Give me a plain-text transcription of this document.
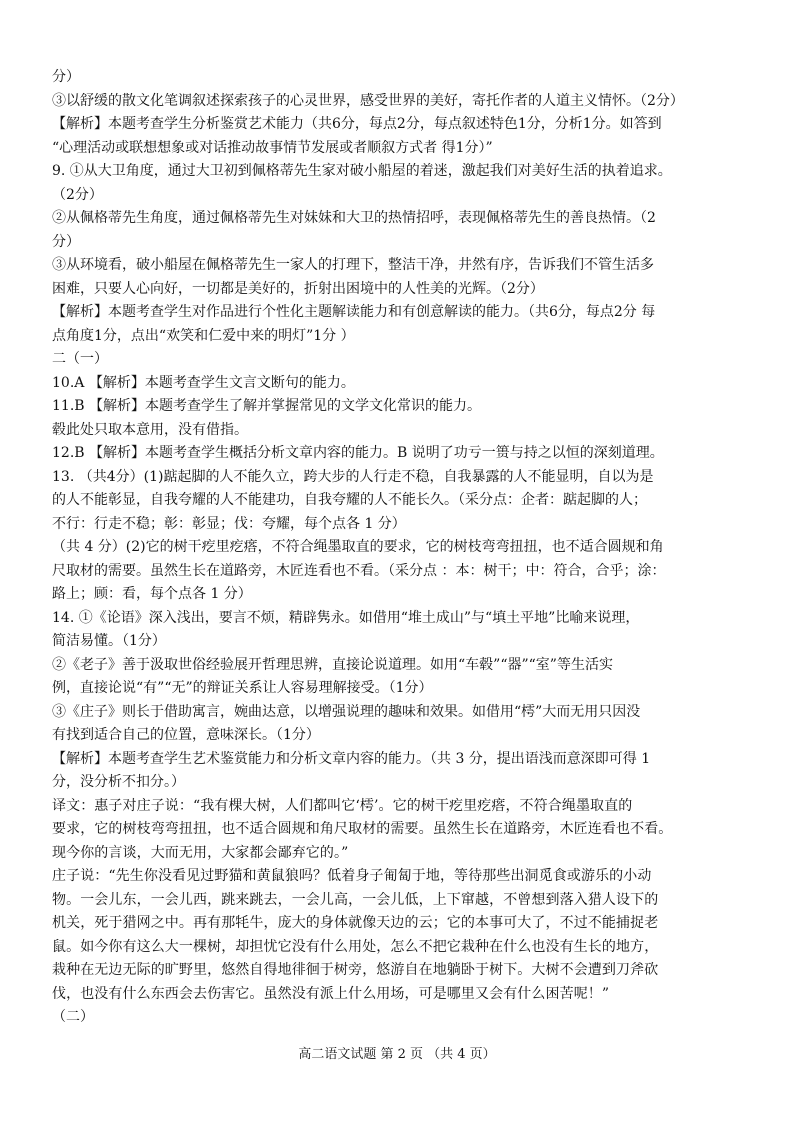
分）

③以舒缓的散文化笔调叙述探索孩子的心灵世界，感受世界的美好，寄托作者的人道主义情怀。（2分）

【解析】本题考查学生分析鉴赏艺术能力（共6分，每点2分，每点叙述特色1分，分析1分。如答到

“心理活动或联想想象或对话推动故事情节发展或者顺叙方式者 得1分）”

9. ①从大卫角度，通过大卫初到佩格蒂先生家对破小船屋的着迷，激起我们对美好生活的执着追求。

（2分）

②从佩格蒂先生角度，通过佩格蒂先生对妹妹和大卫的热情招呼，表现佩格蒂先生的善良热情。（2

分）

③从环境看，破小船屋在佩格蒂先生一家人的打理下，整洁干净，井然有序，告诉我们不管生活多

困难，只要人心向好，一切都是美好的，折射出困境中的人性美的光辉。（2分）

【解析】本题考查学生对作品进行个性化主题解读能力和有创意解读的能力。（共6分，每点2分 每

点角度1分，点出“欢笑和仁爱中来的明灯”1分 ）

二（一）

10.A 【解析】本题考查学生文言文断句的能力。

11.B 【解析】本题考查学生了解并掌握常见的文学文化常识的能力。

毂此处只取本意用，没有借指。

12.B 【解析】本题考查学生概括分析文章内容的能力。B 说明了功亏一篑与持之以恒的深刻道理。

13. （共4分）(1)踮起脚的人不能久立，跨大步的人行走不稳，自我暴露的人不能显明，自以为是

的人不能彰显，自我夸耀的人不能建功，自我夸耀的人不能长久。（采分点：企者：踮起脚的人；

不行：行走不稳；彰：彰显；伐：夸耀，每个点各 1 分）

（共 4 分）(2)它的树干疙里疙瘩，不符合绳墨取直的要求，它的树枝弯弯扭扭，也不适合圆规和角

尺取材的需要。虽然生长在道路旁，木匠连看也不看。（采分点 ：本：树干；中：符合，合乎；涂：

路上；顾：看，每个点各 1 分）

14. ①《论语》深入浅出，要言不烦，精辟隽永。如借用“堆土成山”与“填土平地”比喻来说理，

简洁易懂。（1分）

②《老子》善于汲取世俗经验展开哲理思辨，直接论说道理。如用“车毂”“器”“室”等生活实

例，直接论说“有”“无”的辩证关系让人容易理解接受。（1分）

③《庄子》则长于借助寓言，婉曲达意，以增强说理的趣味和效果。如借用“樗”大而无用只因没

有找到适合自己的位置，意味深长。（1分）

【解析】本题考查学生艺术鉴赏能力和分析文章内容的能力。（共 3 分，提出语浅而意深即可得 1

分，没分析不扣分。）

译文：惠子对庄子说：“我有棵大树，人们都叫它‘樗’。它的树干疙里疙瘩，不符合绳墨取直的

要求，它的树枝弯弯扭扭，也不适合圆规和角尺取材的需要。虽然生长在道路旁，木匠连看也不看。

现今你的言谈，大而无用，大家都会鄙弃它的。”

庄子说：“先生你没看见过野猫和黄鼠狼吗？低着身子匍匐于地，等待那些出洞觅食或游乐的小动

物。一会儿东，一会儿西，跳来跳去，一会儿高，一会儿低，上下窜越，不曾想到落入猎人设下的

机关，死于猎网之中。再有那牦牛，庞大的身体就像天边的云；它的本事可大了，不过不能捕捉老

鼠。如今你有这么大一棵树，却担忧它没有什么用处，怎么不把它栽种在什么也没有生长的地方，

栽种在无边无际的旷野里，悠然自得地徘徊于树旁，悠游自在地躺卧于树下。大树不会遭到刀斧砍

伐，也没有什么东西会去伤害它。虽然没有派上什么用场，可是哪里又会有什么困苦呢！”

（二）

高二语文试题 第 2 页 （共 4 页）
